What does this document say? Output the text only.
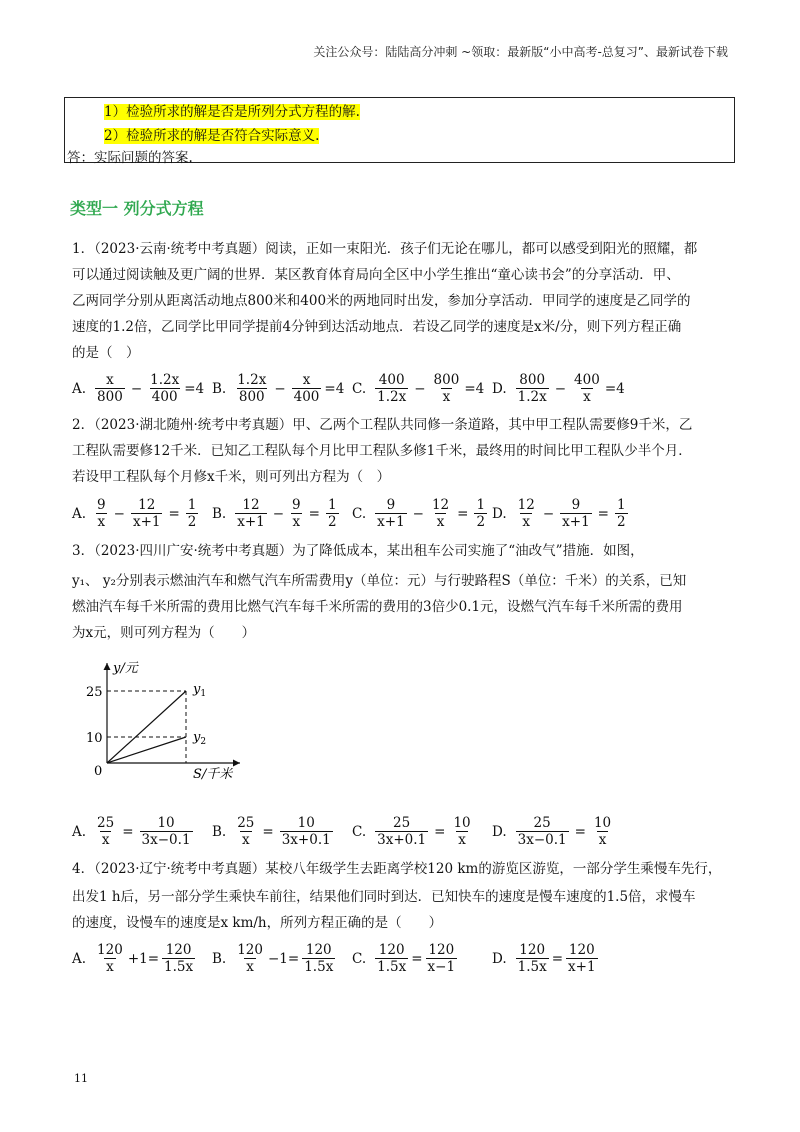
关注公众号：陆陆高分冲刺 ~领取：最新版“小中高考-总复习”、最新试卷下载
1）检验所求的解是否是所列分式方程的解.
2）检验所求的解是否符合实际意义.
答：实际问题的答案.
类型一 列分式方程
1．（2023·云南·统考中考真题）阅读，正如一束阳光．孩子们无论在哪儿，都可以感受到阳光的照耀，都
可以通过阅读触及更广阔的世界．某区教育体育局向全区中小学生推出“童心读书会”的分享活动．甲、
乙两同学分别从距离活动地点800米和400米的两地同时出发，参加分享活动．甲同学的速度是乙同学的
速度的1.2倍，乙同学比甲同学提前4分钟到达活动地点．若设乙同学的速度是x米/分，则下列方程正确
的是（　）
A. $\frac{x}{800} - \frac{1.2x}{400} =4$ B. $\frac{1.2x}{800} - \frac{x}{400} =4$ C. $\frac{400}{1.2x} - \frac{800}{x} =4$ D. $\frac{800}{1.2x} - \frac{400}{x} =4$
2．（2023·湖北随州·统考中考真题）甲、乙两个工程队共同修一条道路，其中甲工程队需要修9千米，乙
工程队需要修12千米．已知乙工程队每个月比甲工程队多修1千米，最终用的时间比甲工程队少半个月．
若设甲工程队每个月修x千米，则可列出方程为（　）
A. $\frac{9}{x} - \frac{12}{x+1} = \frac{1}{2} B$. $\frac{12}{x+1} - \frac{9}{x} = \frac{1}{2} C$. $\frac{9}{x+1} - \frac{12}{x} = \frac{1}{2} D$. $\frac{12}{x} - \frac{9}{x+1} = \frac{1}{2}$
3．（2023·四川广安·统考中考真题）为了降低成本，某出租车公司实施了“油改气”措施．如图，
y₁、 y₂分别表示燃油汽车和燃气汽车所需费用y（单位：元）与行驶路程S（单位：千米）的关系，已知
燃油汽车每千米所需的费用比燃气汽车每千米所需的费用的3倍少0.1元，设燃气汽车每千米所需的费用
为x元，则可列方程为（　　）
y/元
25
10
0	S/千米
$y_1$
$y_2$
A. $\frac{25}{x} = \frac{10}{3x-0.1} B$. $\frac{25}{x} = \frac{10}{3x+0.1} C$. $\frac{25}{3x+0.1} = \frac{10}{x} D$. $\frac{25}{3x-0.1} = \frac{10}{x}$
4．（2023·辽宁·统考中考真题）某校八年级学生去距离学校120 km的游览区游览，一部分学生乘慢车先行，
出发1 h后，另一部分学生乘快车前往，结果他们同时到达．已知快车的速度是慢车速度的1.5倍，求慢车
的速度，设慢车的速度是x km/h，所列方程正确的是（　　）
A. $\frac{120}{x} +1= \frac{120}{1.5x} B$. $\frac{120}{x} -1= \frac{120}{1.5x} C$. $\frac{120}{1.5x} = \frac{120}{x-1}$	D. $\frac{120}{1.5x} = \frac{120}{x+1}$
11
